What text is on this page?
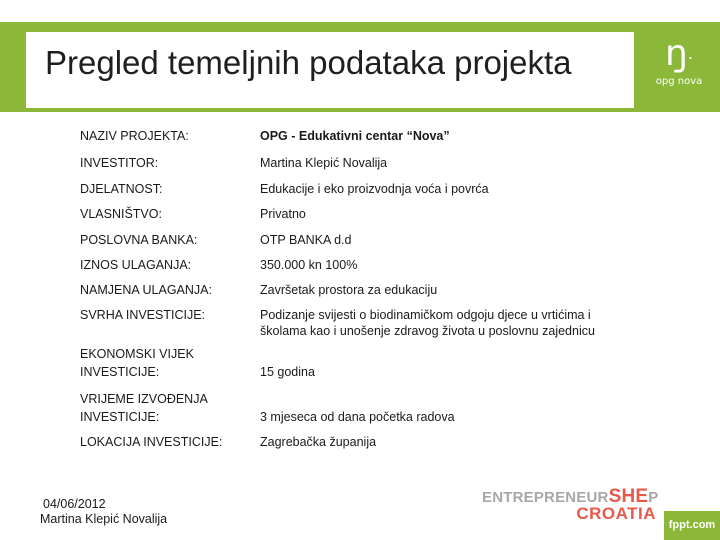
Pregled temeljnih podataka projekta	ŋ.
opg nova
NAZIV PROJEKTA:	OPG - Edukativni centar “Nova”
INVESTITOR:	Martina Klepić Novalija
DJELATNOST:	Edukacije i eko proizvodnja voća i povrća
VLASNIŠTVO:	Privatno
POSLOVNA BANKA:	OTP BANKA d.d
IZNOS ULAGANJA:	350.000 kn 100%
NAMJENA ULAGANJA:	Završetak prostora za edukaciju
SVRHA INVESTICIJE:	Podizanje svijesti o biodinamičkom odgoju djece u vrtićima i
školama kao i unošenje zdravog života u poslovnu zajednicu
EKONOMSKI VIJEK
INVESTICIJE:	15 godina
VRIJEME IZVOĐENJA
INVESTICIJE:	3 mjeseca od dana početka radova
LOKACIJA INVESTICIJE:	Zagrebačka županija
04/06/2012
Martina Klepić Novalija
ENTREPRENEURSHEP
CROATIA
fppt.com
